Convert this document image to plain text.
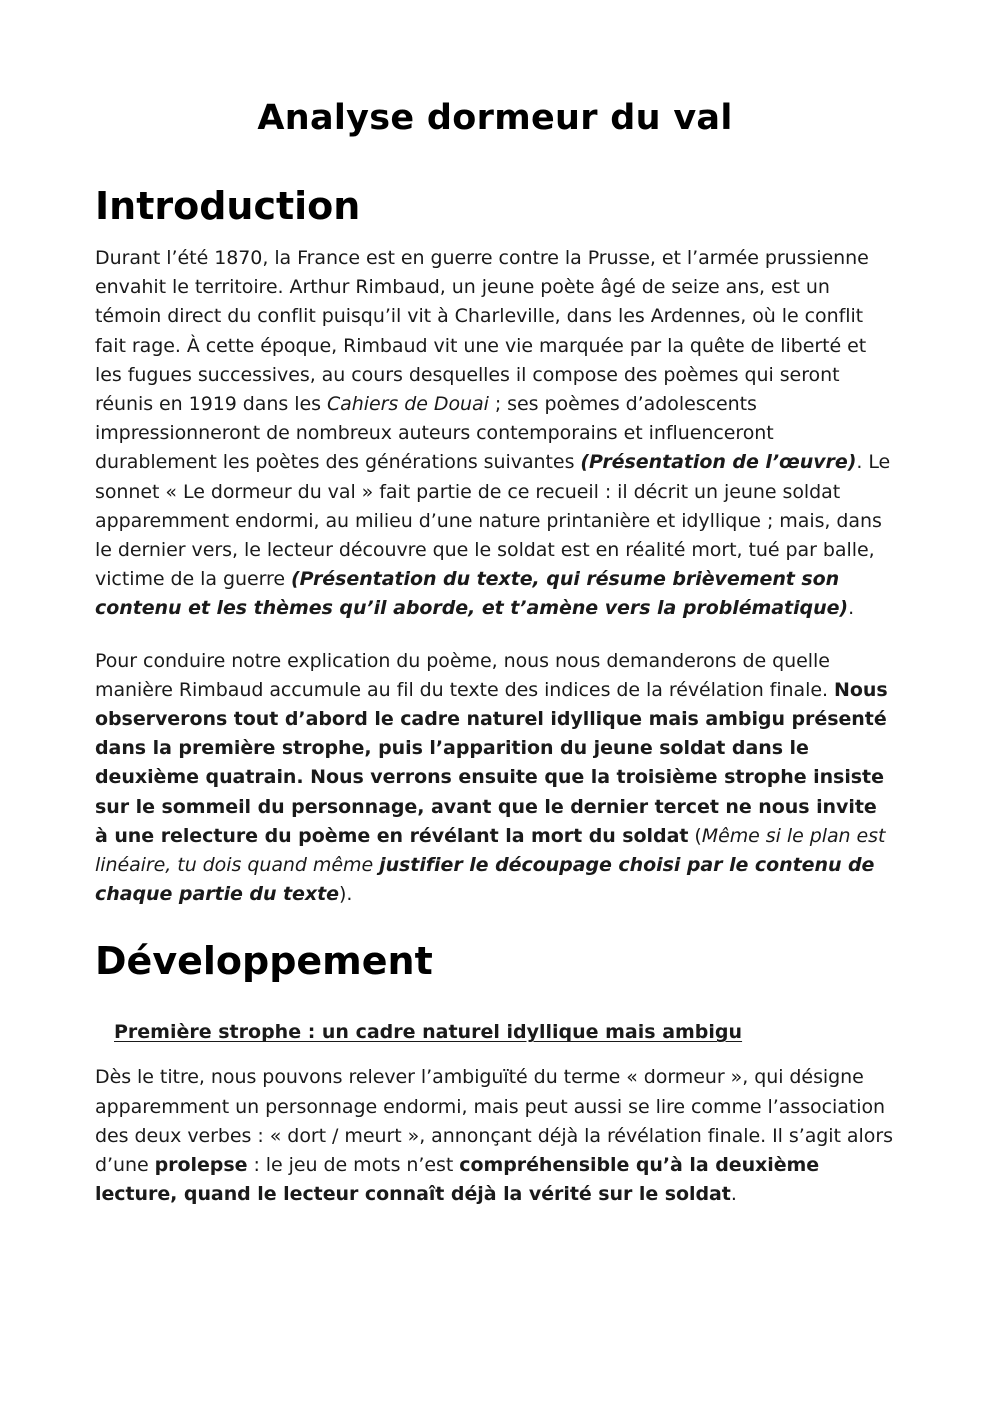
Analyse dormeur du val
Introduction

Durant l’été 1870, la France est en guerre contre la Prusse, et l’armée prussienne envahit le territoire. Arthur Rimbaud, un jeune poète âgé de seize ans, est un témoin direct du conflit puisqu’il vit à Charleville, dans les Ardennes, où le conflit fait rage. À cette époque, Rimbaud vit une vie marquée par la quête de liberté et les fugues successives, au cours desquelles il compose des poèmes qui seront réunis en 1919 dans les Cahiers de Douai ; ses poèmes d’adolescents impressionneront de nombreux auteurs contemporains et influenceront durablement les poètes des générations suivantes (Présentation de l’œuvre). Le sonnet « Le dormeur du val » fait partie de ce recueil : il décrit un jeune soldat apparemment endormi, au milieu d’une nature printanière et idyllique ; mais, dans le dernier vers, le lecteur découvre que le soldat est en réalité mort, tué par balle, victime de la guerre (Présentation du texte, qui résume brièvement son contenu et les thèmes qu’il aborde, et t’amène vers la problématique).

Pour conduire notre explication du poème, nous nous demanderons de quelle manière Rimbaud accumule au fil du texte des indices de la révélation finale. Nous observerons tout d’abord le cadre naturel idyllique mais ambigu présenté dans la première strophe, puis l’apparition du jeune soldat dans le deuxième quatrain. Nous verrons ensuite que la troisième strophe insiste sur le sommeil du personnage, avant que le dernier tercet ne nous invite à une relecture du poème en révélant la mort du soldat (Même si le plan est linéaire, tu dois quand même justifier le découpage choisi par le contenu de chaque partie du texte).

Développement
Première strophe : un cadre naturel idyllique mais ambigu

Dès le titre, nous pouvons relever l’ambiguïté du terme « dormeur », qui désigne apparemment un personnage endormi, mais peut aussi se lire comme l’association des deux verbes : « dort / meurt », annonçant déjà la révélation finale. Il s’agit alors d’une prolepse : le jeu de mots n’est compréhensible qu’à la deuxième lecture, quand le lecteur connaît déjà la vérité sur le soldat.
